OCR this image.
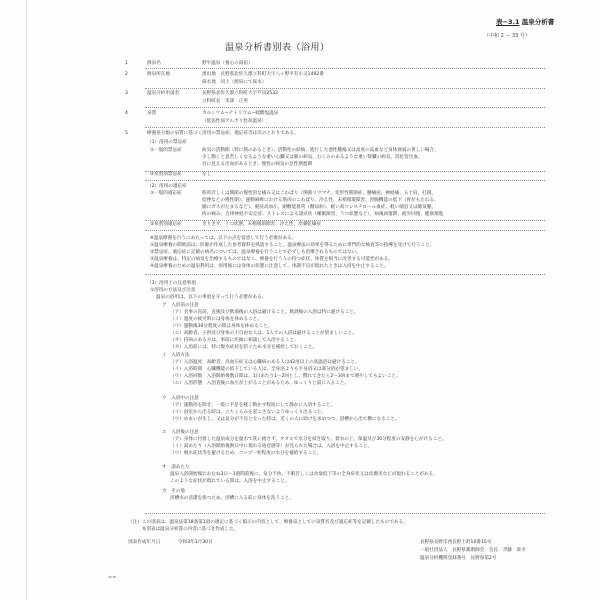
表−3.1 温泉分析書
（中和 2 ー 33 号）
温泉分析書別表（浴用）
1	源泉名	野牛温泉（養心の湯宿）
2	源泉所在地	湧出地　長野県北佐久郡立科町大字八ヶ野平有小又1492番
採水地　同上（源泉にて採水）
3	温泉分析申請者	長野県北佐久郡立科町大字芦田2532
立科町長　米澤　正男
4	泉質	カルシウム−ナトリウム−硫酸塩温泉
（低張性弱アルカリ性高温泉）
5	療養泉分類の泉質に基づく浴用の禁忌症、適応症等は次のとおりである。
（1）浴用の禁忌症
①一般的禁忌症	病気の活動期（特に熱のあるとき）、活動性の結核、進行した悪性腫瘍又は高度の貧血など身体衰弱の著しい場合、
少し動くと息苦しくなるような重い心臓又は肺の病気、むくみのあるような重い腎臓の病気、消化管出血、
目に見える出血があるとき、慢性の病気の急性増悪期
②泉質別禁忌症	なし
（2）浴用の適応症
①一般的適応症	筋肉若しくは関節の慢性的な痛み又はこわばり（関節リウマチ、変形性関節症、腰痛症、神経痛、五十肩、打撲、
捻挫などの慢性期）、運動麻痺における筋肉のこわばり、冷え性、末梢循環障害、胃腸機能の低下（胃がもたれる、
腸にガスがたまるなど）、軽症高血圧、耐糖能異常（糖尿病）、軽い高コレステロール血症、軽い喘息又は肺気腫、
痔の痛み、自律神経不安定症、ストレスによる諸症状（睡眠障害、うつ状態など）、病後回復期、疲労回復、健康増進
②泉質別適応症	きりきず、うつ状態、末梢循環障害、冷え性、皮膚乾燥症
※温泉療養を行うにあたっては、以下の点を留意して行う必要がある。
①温泉療養の開始前は、医師が作成した参考資料を熟読すること。温泉療法の効果を得るために専門的な検査等の指導を受けて行うこと。
②禁忌症、適応症に記載の病名については、温泉療養を行うことで必ずしも治療されるものではない。
③温泉療養は、特定の病気を治療するものではなく、療養を行う人の持つ症状、体質を相当に改善する可能性がある。
④温泉療養のための温泉利用は、浴用後には身体の状態に注意して、体調不良が現れたときは入浴を中止すること。
（3）浴用上の注意事項
①浴用の方法及び注意
温泉の浴用は、以下の事項を守って行う必要がある。
ア　入浴前の注意
（ア）食事の直前、直後及び飲酒後の入浴は避けること。飲酒後の入浴は特に避けること。
（イ）過度の疲労時には身体を休めること。
（ウ）運動後30分程度の間は身体を休めること。
（エ）高齢者、子供及び身体の不自由な人は、1人での入浴は避けることが望ましいこと。
（オ）持病のある方は、事前に医師に相談して入浴すること。
（カ）入浴前には、特に脱水症状を防ぐため水分を補給しておくこと。
イ　入浴方法
（ア）入浴温度　高齢者、高血圧症又は心臓病のある人は42度以上の高温浴は避けること。
（イ）入浴時間　心臓機能の低下している人は、全身浴よりも半身浴又は部分浴が望ましい。
（ウ）入浴回数　入浴開始後数日間は、1日あたり1〜2回とし、慣れてきたら2〜3回まで増やしてもよいこと。
（エ）入浴形態　入浴直後に血圧が上がることがあるため、ゆっくりと湯に入ること。
ウ　入浴中の注意
（ア）運動浴を除き、一般に手足を軽く動かす程度にして静かに入浴すること。
（イ）浴室から出る時は、立ちくらみを起こさないようゆっくり出ること。
（ウ）めまいが生じ、又は気分が不良となった時は、近くの人に助けを求めつつ、浴槽から出て横になること。
エ　入浴後の注意
（ア）身体に付着した温泉成分を温水で洗い流さず、タオルで水分を拭き取り、着衣の上、保温及び30分程度の安静を心がけること。
（イ）湯あたり（入浴開始後数日中に現れる倦怠感等）が見られた場合は、入浴を中止すること。
（ウ）脱水症状等を避けるため、コップ一杯程度の水分を補給すること。
オ　湯あたり
温泉入浴開始後おおむね3日〜1週間前後に、気分不快、不眠若しくは食欲低下等の全身症状又は皮膚炎などが現れることがある。
このような症状が現れている間は、入浴を中止すること。
カ　その他
浴槽水の清潔を保つため、浴槽に入る前に身体を洗うこと。
（注）この別表は、温泉法第18条第1項の規定に基づく掲示の内容として、療養泉としての泉質名及び適応症等を記載したものである。
　　　本別表は温泉分析書の内容に基づき作成した。
別表作成年月日	令和3年3月30日	長野県長野市西長野上町10番15号
一般社団法人　長野県薬剤師会　会長　斉藤　貴幸
温泉分析機関登録番号　長野県第2号
==
